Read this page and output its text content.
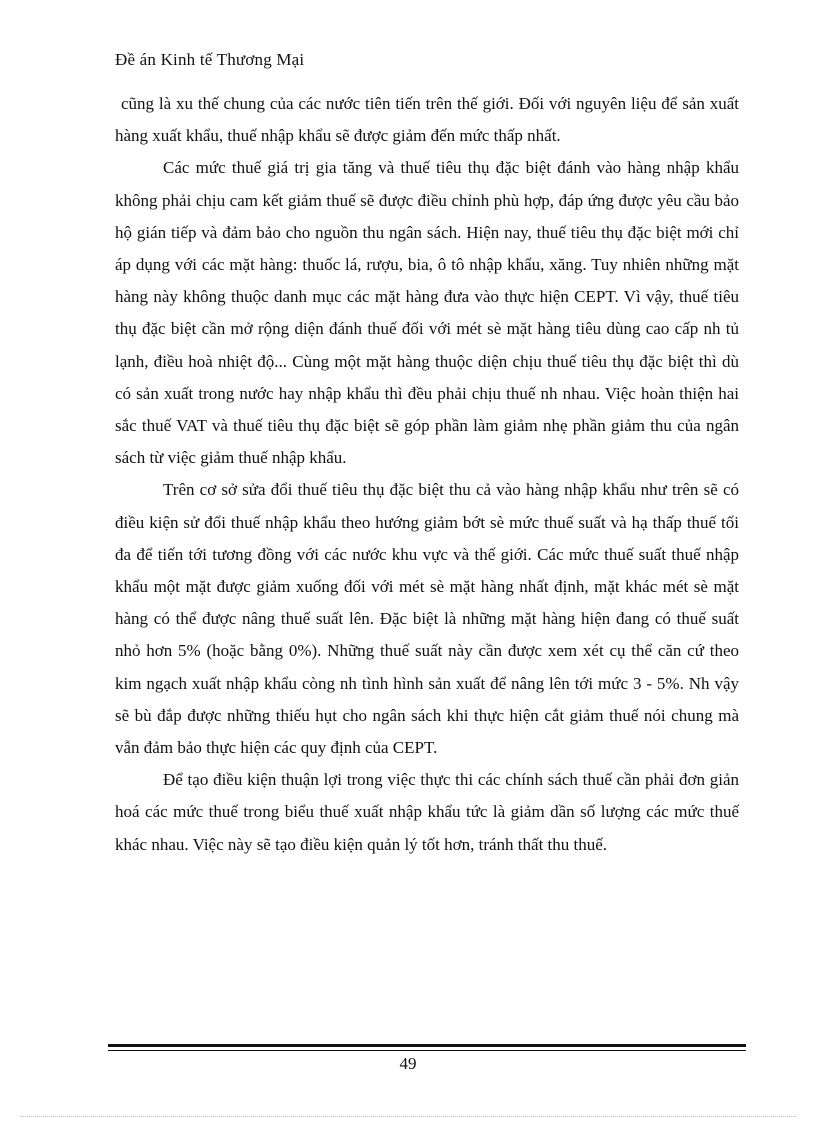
Đề án Kinh tế Thương Mại

cũng là xu thế chung của các nước tiên tiến trên thế giới. Đối với nguyên liệu để sản xuất hàng xuất khẩu, thuế nhập khẩu sẽ được giảm đến mức thấp nhất.

Các mức thuế giá trị gia tăng và thuế tiêu thụ đặc biệt đánh vào hàng nhập khẩu không phải chịu cam kết giảm thuế sẽ được điều chỉnh phù hợp, đáp ứng được yêu cầu bảo hộ gián tiếp và đảm bảo cho nguồn thu ngân sách. Hiện nay, thuế tiêu thụ đặc biệt mới chỉ áp dụng với các mặt hàng: thuốc lá, rượu, bia, ô tô nhập khẩu, xăng. Tuy nhiên những mặt hàng này không thuộc danh mục các mặt hàng đưa vào thực hiện CEPT. Vì vậy, thuế tiêu thụ đặc biệt cần mở rộng diện đánh thuế đối với mét sè mặt hàng tiêu dùng cao cấp nh tủ lạnh, điều hoà nhiệt độ... Cùng một mặt hàng thuộc diện chịu thuế tiêu thụ đặc biệt thì dù có sản xuất trong nước hay nhập khẩu thì đều phải chịu thuế nh nhau. Việc hoàn thiện hai sắc thuế VAT và thuế tiêu thụ đặc biệt sẽ góp phần làm giảm nhẹ phần giảm thu của ngân sách từ việc giảm thuế nhập khẩu.

Trên cơ sở sửa đổi thuế tiêu thụ đặc biệt thu cả vào hàng nhập khẩu như trên sẽ có điều kiện sử đổi thuế nhập khẩu theo hướng giảm bớt sè mức thuế suất và hạ thấp thuế tối đa để tiến tới tương đồng với các nước khu vực và thế giới. Các mức thuế suất thuế nhập khẩu một mặt được giảm xuống đối với mét sè mặt hàng nhất định, mặt khác mét sè mặt hàng có thể được nâng thuế suất lên. Đặc biệt là những mặt hàng hiện đang có thuế suất nhỏ hơn 5% (hoặc bằng 0%). Những thuế suất này cần được xem xét cụ thể căn cứ theo kim ngạch xuất nhập khẩu còng nh tình hình sản xuất để nâng lên tới mức 3 - 5%. Nh vậy sẽ bù đắp được những thiếu hụt cho ngân sách khi thực hiện cắt giảm thuế nói chung mà vẫn đảm bảo thực hiện các quy định của CEPT.

Để tạo điều kiện thuận lợi trong việc thực thi các chính sách thuế cần phải đơn giản hoá các mức thuế trong biểu thuế xuất nhập khẩu tức là giảm dần số lượng các mức thuế khác nhau. Việc này sẽ tạo điều kiện quản lý tốt hơn, tránh thất thu thuế.

49
